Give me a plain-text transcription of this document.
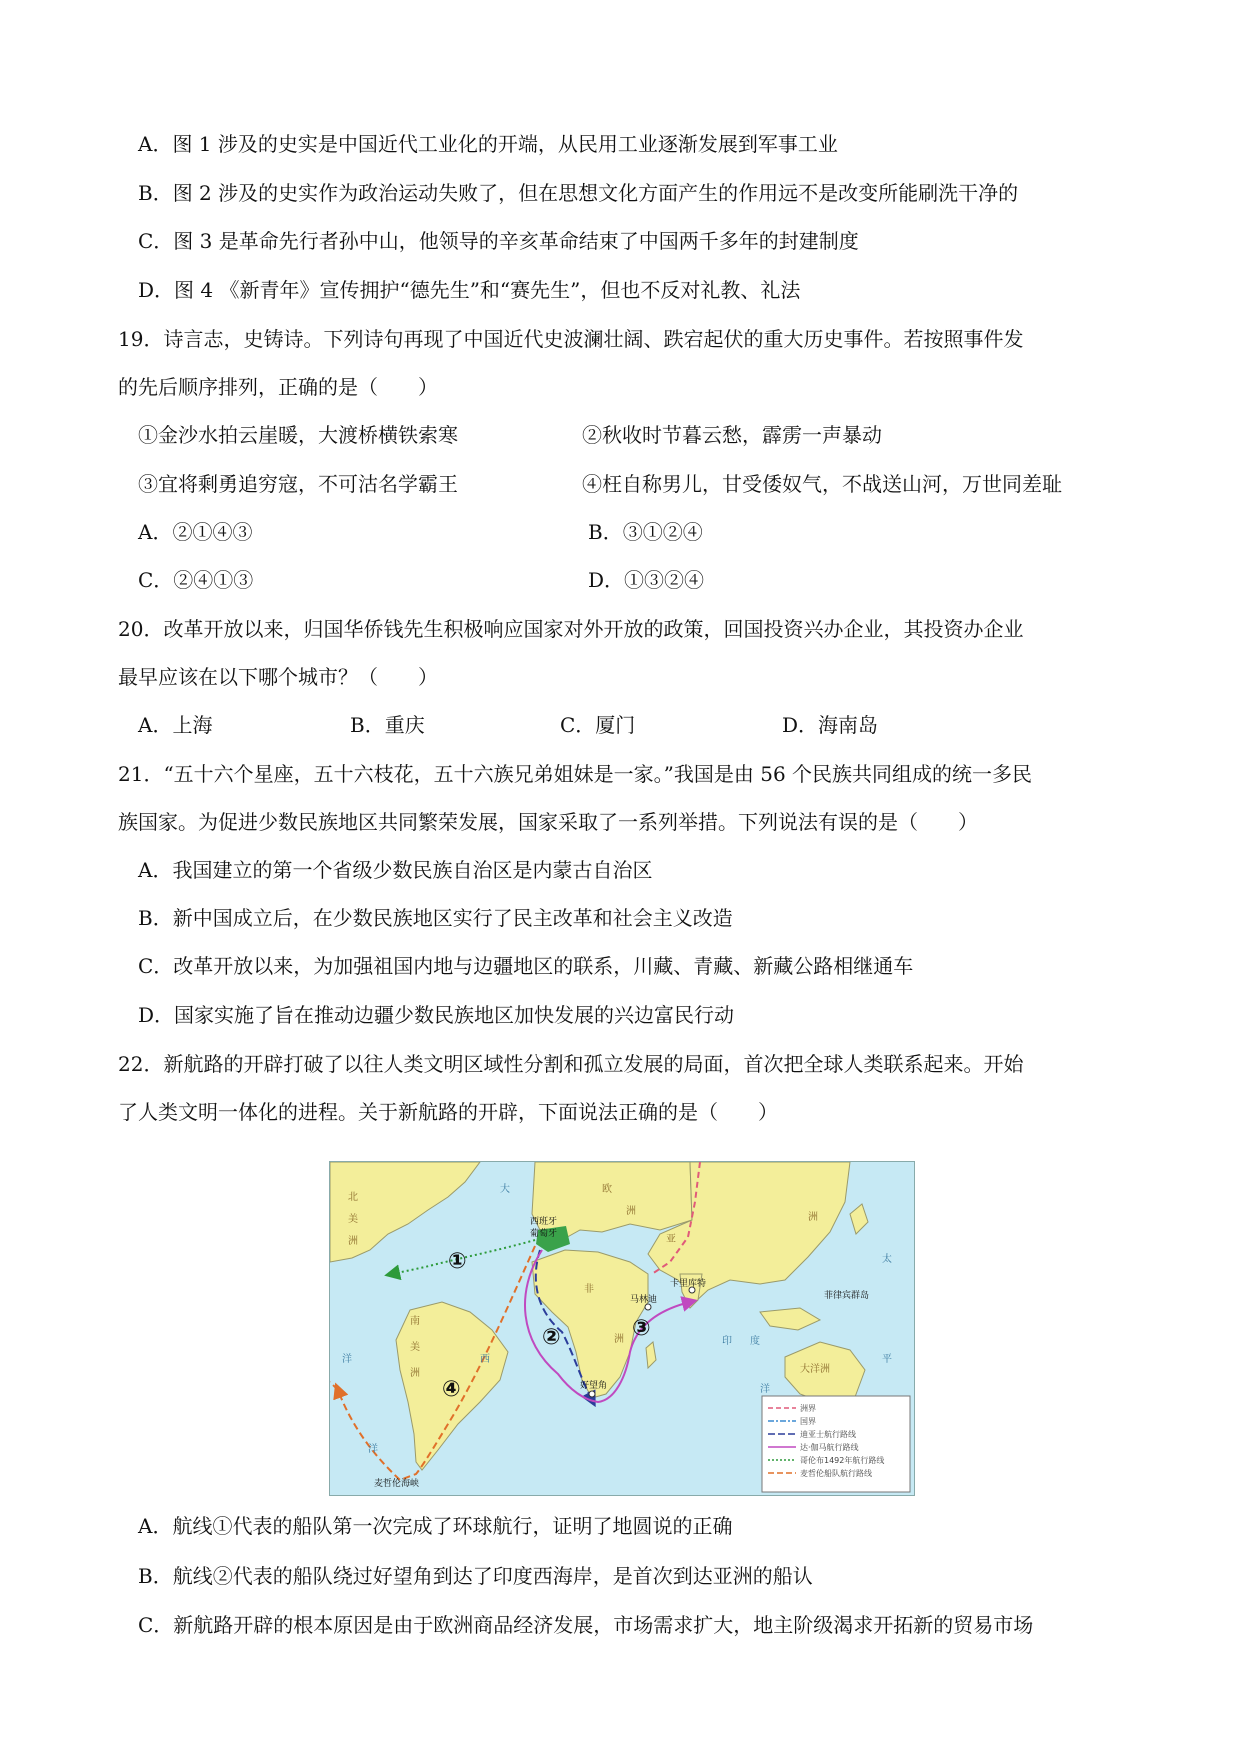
A．图 1 涉及的史实是中国近代工业化的开端，从民用工业逐渐发展到军事工业
B．图 2 涉及的史实作为政治运动失败了，但在思想文化方面产生的作用远不是改变所能刷洗干净的
C．图 3 是革命先行者孙中山，他领导的辛亥革命结束了中国两千多年的封建制度
D．图 4 《新青年》宣传拥护“德先生”和“赛先生”，但也不反对礼教、礼法
19．诗言志，史铸诗。下列诗句再现了中国近代史波澜壮阔、跌宕起伏的重大历史事件。若按照事件发
的先后顺序排列，正确的是（　　）
①金沙水拍云崖暖，大渡桥横铁索寒	②秋收时节暮云愁，霹雳一声暴动
③宜将剩勇追穷寇，不可沽名学霸王	④枉自称男儿，甘受倭奴气，不战送山河，万世同差耻
A．②①④③	B．③①②④
C．②④①③	D．①③②④
20．改革开放以来，归国华侨钱先生积极响应国家对外开放的政策，回国投资兴办企业，其投资办企业
最早应该在以下哪个城市？（　　）
A．上海	B．重庆	C．厦门	D．海南岛
21．“五十六个星座，五十六枝花，五十六族兄弟姐妹是一家。”我国是由 56 个民族共同组成的统一多民
族国家。为促进少数民族地区共同繁荣发展，国家采取了一系列举措。下列说法有误的是（　　）
A．我国建立的第一个省级少数民族自治区是内蒙古自治区
B．新中国成立后，在少数民族地区实行了民主改革和社会主义改造
C．改革开放以来，为加强祖国内地与边疆地区的联系，川藏、青藏、新藏公路相继通车
D．国家实施了旨在推动边疆少数民族地区加快发展的兴边富民行动
22．新航路的开辟打破了以往人类文明区域性分割和孤立发展的局面，首次把全球人类联系起来。开始
了人类文明一体化的进程。关于新航路的开辟，下面说法正确的是（　　）
①
②	③
④
北
美
洲
南
美
洲
欧
洲
非
洲
亚
洲
大洋洲
大
西
洋
印 度
洋
太
平
洋
西班牙
葡萄牙
卡里库特
马林迪
好望角
菲律宾群岛
麦哲伦海峡
洲界
国界
迪亚士航行路线
达·伽马航行路线
哥伦布1492年航行路线
麦哲伦船队航行路线
A．航线①代表的船队第一次完成了环球航行，证明了地圆说的正确
B．航线②代表的船队绕过好望角到达了印度西海岸，是首次到达亚洲的船认
C．新航路开辟的根本原因是由于欧洲商品经济发展，市场需求扩大，地主阶级渴求开拓新的贸易市场
